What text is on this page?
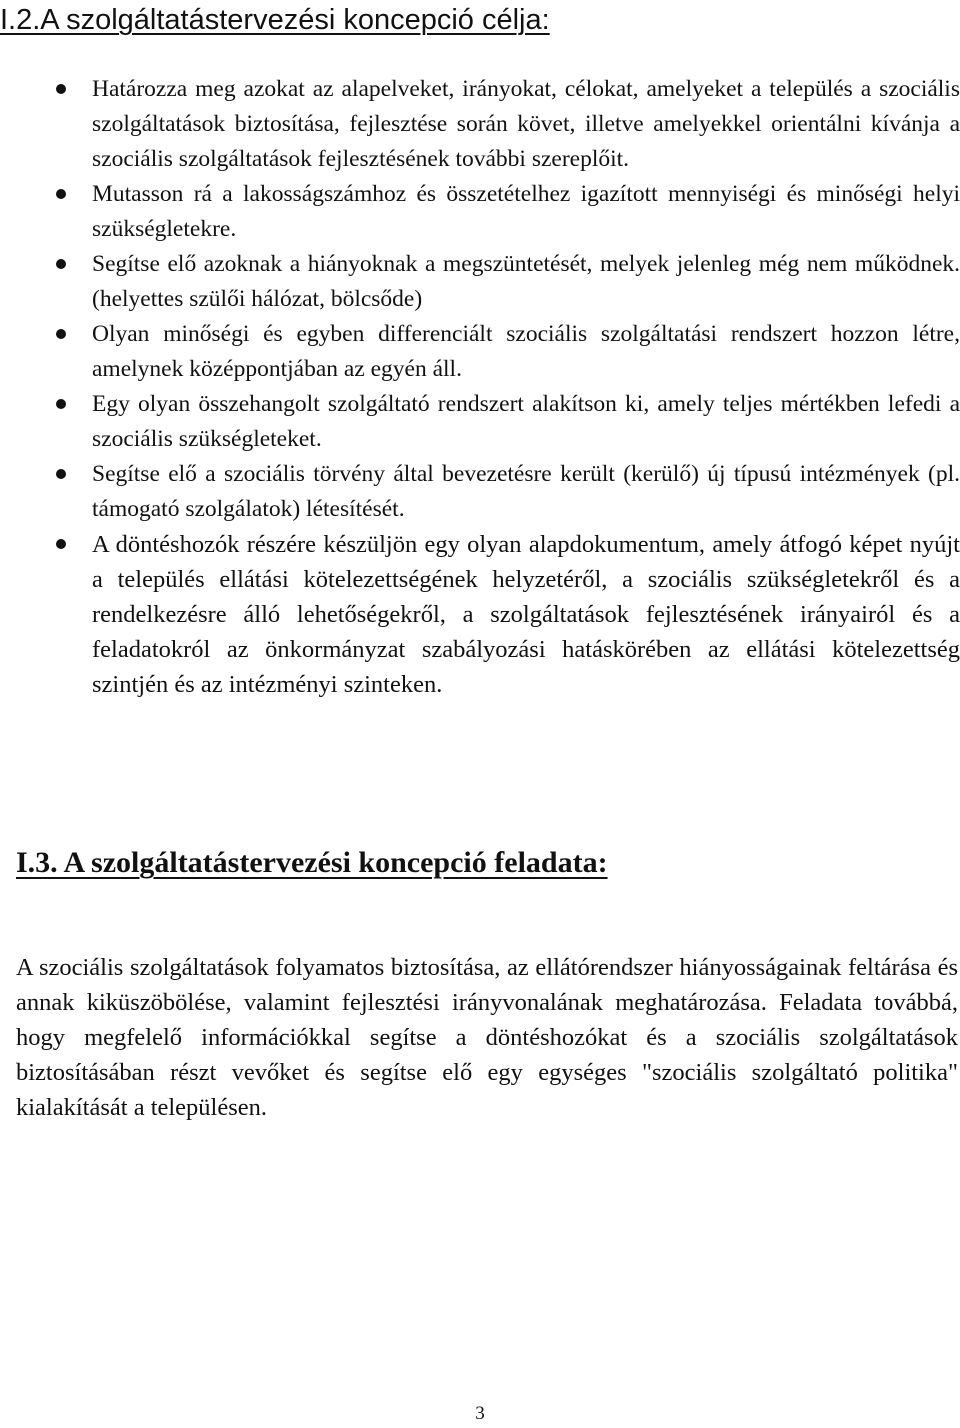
I.2.A szolgáltatástervezési koncepció célja:
Határozza meg azokat az alapelveket, irányokat, célokat, amelyeket a település a szociális szolgáltatások biztosítása, fejlesztése során követ, illetve amelyekkel orientálni kívánja a szociális szolgáltatások fejlesztésének további szereplőit.
Mutasson rá a lakosságszámhoz és összetételhez igazított mennyiségi és minőségi helyi szükségletekre.
Segítse elő azoknak a hiányoknak a megszüntetését, melyek jelenleg még nem működnek. (helyettes szülői hálózat, bölcsőde)
Olyan minőségi és egyben differenciált szociális szolgáltatási rendszert hozzon létre, amelynek középpontjában az egyén áll.
Egy olyan összehangolt szolgáltató rendszert alakítson ki, amely teljes mértékben lefedi a szociális szükségleteket.
Segítse elő a szociális törvény által bevezetésre került (kerülő) új típusú intézmények (pl. támogató szolgálatok) létesítését.
A döntéshozók részére készüljön egy olyan alapdokumentum, amely átfogó képet nyújt a település ellátási kötelezettségének helyzetéről, a szociális szükségletekről és a rendelkezésre álló lehetőségekről, a szolgáltatások fejlesztésének irányairól és a feladatokról az önkormányzat szabályozási hatáskörében az ellátási kötelezettség szintjén és az intézményi szinteken.
I.3. A szolgáltatástervezési koncepció feladata:

A szociális szolgáltatások folyamatos biztosítása, az ellátórendszer hiányosságainak feltárása és annak kiküszöbölése, valamint fejlesztési irányvonalának meghatározása. Feladata továbbá, hogy megfelelő információkkal segítse a döntéshozókat és a szociális szolgáltatások biztosításában részt vevőket és segítse elő egy egységes "szociális szolgáltató politika" kialakítását a településen.

3
